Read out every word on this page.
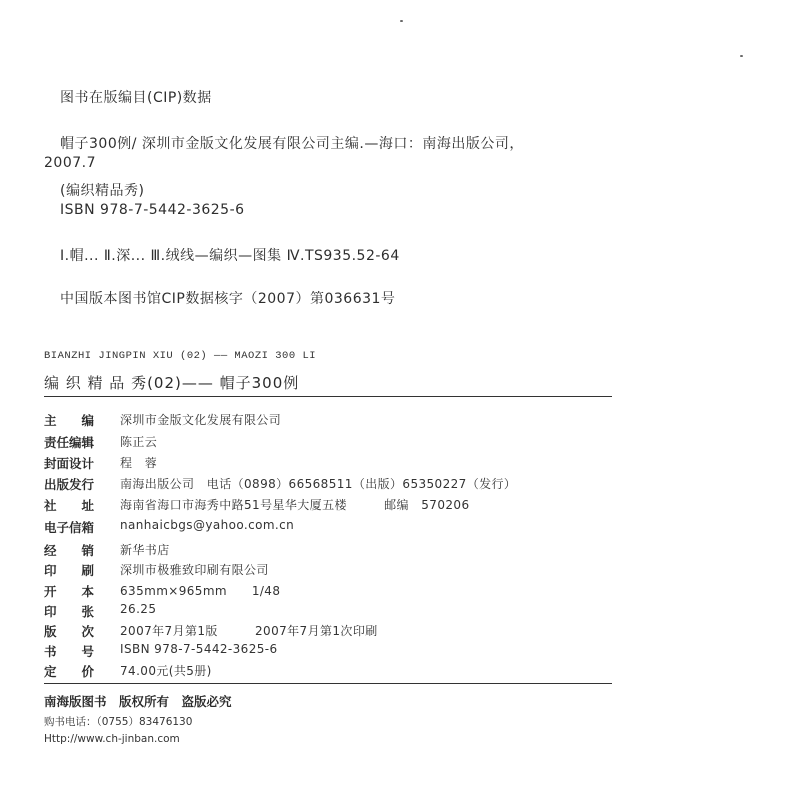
图书在版编目(CIP)数据
帽子300例/ 深圳市金版文化发展有限公司主编.—海口：南海出版公司，
2007.7
(编织精品秀)
ISBN 978-7-5442-3625-6
Ⅰ.帽... Ⅱ.深... Ⅲ.绒线—编织—图集 Ⅳ.TS935.52-64
中国版本图书馆CIP数据核字（2007）第036631号
BIANZHI JINGPIN XIU (02) —— MAOZI 300 LI
编 织 精 品 秀(02)—— 帽子300例
主　　编 深圳市金版文化发展有限公司
责任编辑 陈正云
封面设计 程　蓉
出版发行 南海出版公司　电话（0898）66568511（出版）65350227（发行）
社　　址 海南省海口市海秀中路51号星华大厦五楼　　　邮编　570206
电子信箱 nanhaicbgs@yahoo.com.cn
经　　销 新华书店
印　　刷 深圳市极雅致印刷有限公司
开　　本 635mm×965mm　　1/48
印　　张 26.25
版　　次 2007年7月第1版　　　2007年7月第1次印刷
书　　号 ISBN 978-7-5442-3625-6
定　　价 74.00元(共5册)
南海版图书　版权所有　盗版必究
购书电话：（0755）83476130
Http://www.ch-jinban.com
